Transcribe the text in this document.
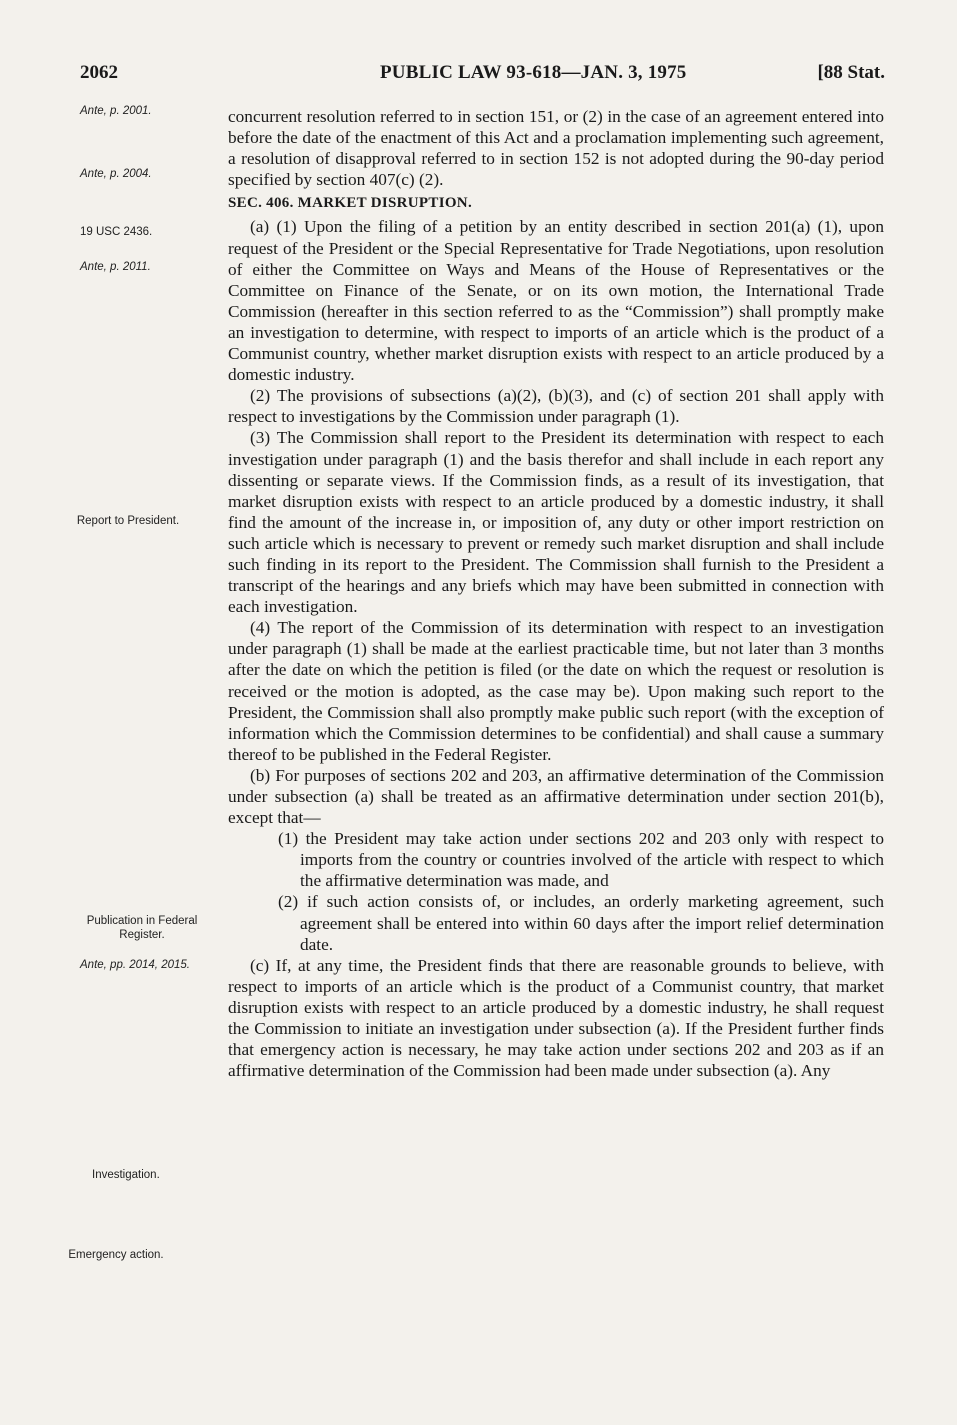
2062	PUBLIC LAW 93-618—JAN. 3, 1975	[88 Stat.
Ante, p. 2001.
Ante, p. 2004.
19 USC 2436.
Ante, p. 2011.
Report to President.
Publication in Federal Register.
Ante, pp. 2014, 2015.
Investigation.
Emergency action.

concurrent resolution referred to in section 151, or (2) in the case of an agreement entered into before the date of the enactment of this Act and a proclamation implementing such agreement, a resolution of disapproval referred to in section 152 is not adopted during the 90-day period specified by section 407(c) (2).

SEC. 406. MARKET DISRUPTION.

(a) (1) Upon the filing of a petition by an entity described in section 201(a) (1), upon request of the President or the Special Representative for Trade Negotiations, upon resolution of either the Committee on Ways and Means of the House of Representatives or the Committee on Finance of the Senate, or on its own motion, the International Trade Commission (hereafter in this section referred to as the “Commission”) shall promptly make an investigation to determine, with respect to imports of an article which is the product of a Communist country, whether market disruption exists with respect to an article produced by a domestic industry.

(2) The provisions of subsections (a)(2), (b)(3), and (c) of section 201 shall apply with respect to investigations by the Commission under paragraph (1).

(3) The Commission shall report to the President its determination with respect to each investigation under paragraph (1) and the basis therefor and shall include in each report any dissenting or separate views. If the Commission finds, as a result of its investigation, that market disruption exists with respect to an article produced by a domestic industry, it shall find the amount of the increase in, or imposition of, any duty or other import restriction on such article which is necessary to prevent or remedy such market disruption and shall include such finding in its report to the President. The Commission shall furnish to the President a transcript of the hearings and any briefs which may have been submitted in connection with each investigation.

(4) The report of the Commission of its determination with respect to an investigation under paragraph (1) shall be made at the earliest practicable time, but not later than 3 months after the date on which the petition is filed (or the date on which the request or resolution is received or the motion is adopted, as the case may be). Upon making such report to the President, the Commission shall also promptly make public such report (with the exception of information which the Commission determines to be confidential) and shall cause a summary thereof to be published in the Federal Register.

(b) For purposes of sections 202 and 203, an affirmative determination of the Commission under subsection (a) shall be treated as an affirmative determination under section 201(b), except that—

(1) the President may take action under sections 202 and 203 only with respect to imports from the country or countries involved of the article with respect to which the affirmative determination was made, and

(2) if such action consists of, or includes, an orderly marketing agreement, such agreement shall be entered into within 60 days after the import relief determination date.

(c) If, at any time, the President finds that there are reasonable grounds to believe, with respect to imports of an article which is the product of a Communist country, that market disruption exists with respect to an article produced by a domestic industry, he shall request the Commission to initiate an investigation under subsection (a). If the President further finds that emergency action is necessary, he may take action under sections 202 and 203 as if an affirmative determination of the Commission had been made under subsection (a). Any
